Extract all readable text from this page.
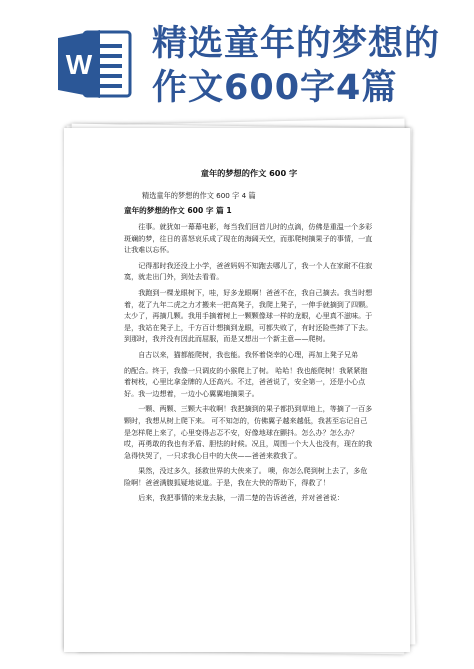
W
精选童年的梦想的作文600字4篇
童年的梦想的作文 600 字
精选童年的梦想的作文 600 字 4 篇
童年的梦想的作文 600 字 篇 1

往事。就犹如一幕幕电影，每当我们回首儿时的点滴，仿佛是重温一个多彩斑斓的梦，往日的喜怒哀乐成了现在的海阔天空，而那爬树摘果子的事情，一直让我难以忘怀。

记得那时我还没上小学，爸爸妈妈不知跑去哪儿了，我一个人在家耐不住寂寞，就走出门外，到处去看看。

我跑到一棵龙眼树下，哇，好多龙眼啊！爸爸不在，我自己摘去。我当时想着，花了九年二虎之力才搬来一把高凳子，我爬上凳子，一伸手就摘到了四颗。太少了，再摘几颗。我用手摘着树上一颗颗像球一样的龙眼，心里真不滋味。于是，我站在凳子上，千方百计想摘到龙眼，可都失败了，有时还险些摔了下去。到那时，我并没有因此而屈服，而是又想出一个新主意——爬树。

自古以来，猫都能爬树，我也能。我怀着侥幸的心理，再加上凳子兄弟

的配合。终于，我像一只调皮的小猴爬上了树。 哈哈！我也能爬树！我紧紧抱着树枝，心里比拿金牌的人还高兴。不过，爸爸说了，安全第一，还是小心点好。我一边想着，一边小心翼翼地摘果子。

一颗、两颗、三颗大丰收啊！我把摘到的果子都扔到草地上，等摘了一百多颗时，我想从树上爬下来。 可不知怎的，仿佛翼子越来越低，我甚至忘记自己是怎样爬上来了，心里变得忐忑不安，好像地球在颤抖。怎么办？怎么办？ 哎，再勇敢的我也有矛盾、胆怯的时候。况且，周围一个大人也没有，现在的我急得快哭了，一只求我心目中的大侠——爸爸来救我了。

果然，没过多久，拯救世界的大侠来了。 噢，你怎么爬到树上去了，多危险啊！爸爸满腹狐疑地说道。于是，我在大侠的帮助下，得救了！

后来，我把事情的来龙去脉，一清二楚的告诉爸爸，并对爸爸说：
